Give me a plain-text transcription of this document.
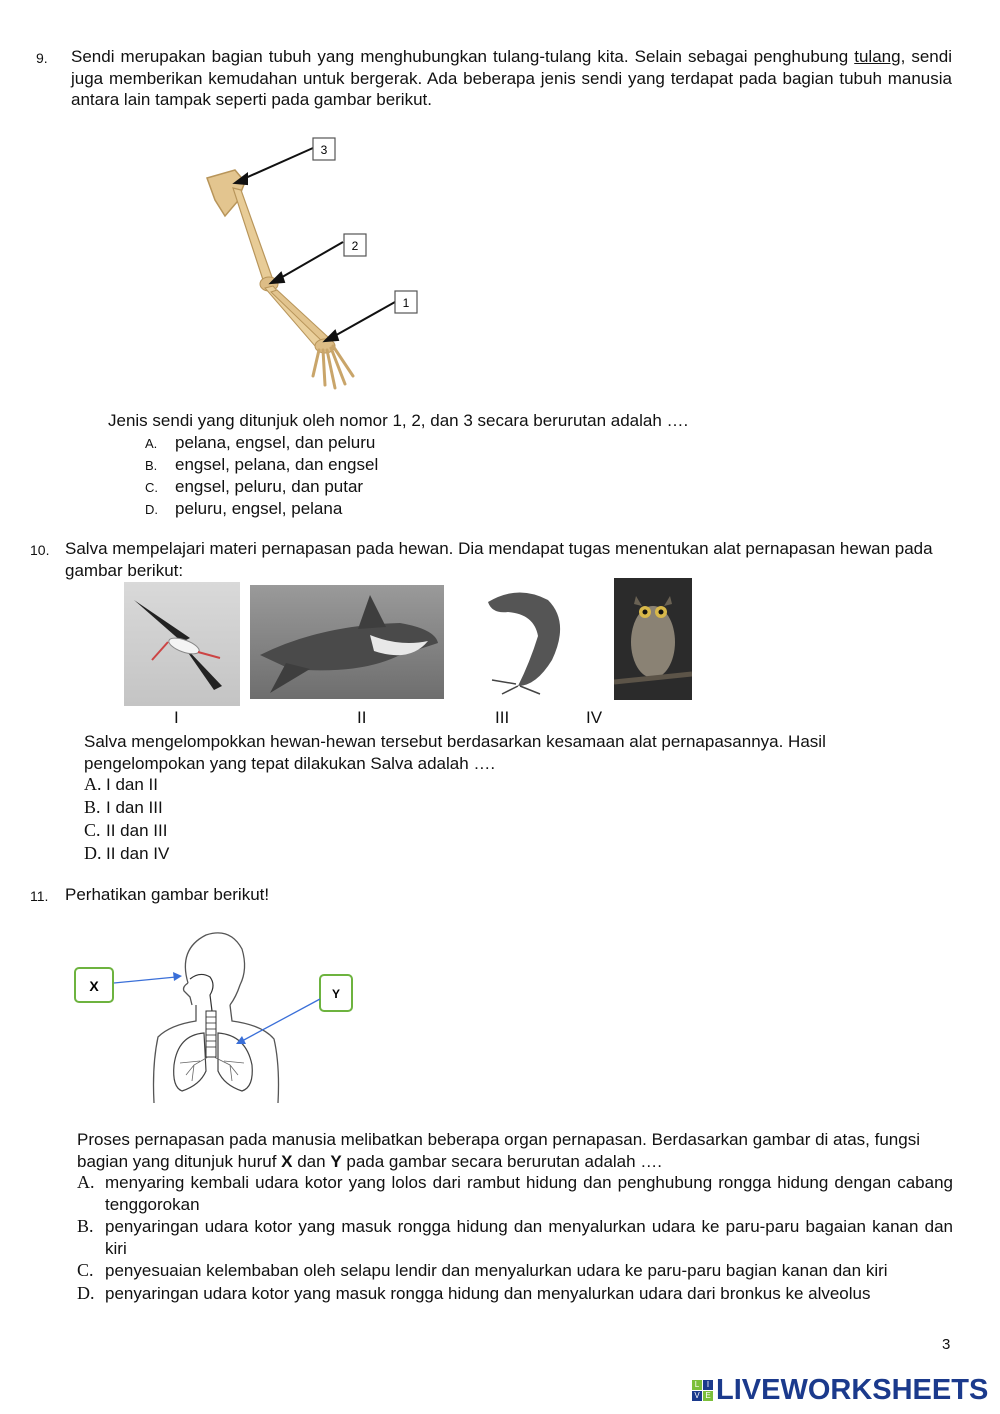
9. Sendi merupakan bagian tubuh yang menghubungkan tulang-tulang kita. Selain sebagai penghubung tulang, sendi juga memberikan kemudahan untuk bergerak. Ada beberapa jenis sendi yang terdapat pada bagian tubuh manusia antara lain tampak seperti pada gambar berikut.
3
2
1
Jenis sendi yang ditunjuk oleh nomor 1, 2, dan 3 secara berurutan adalah ….
A. pelana, engsel, dan peluru
B. engsel, pelana, dan engsel
C. engsel, peluru, dan putar
D. peluru, engsel, pelana
10. Salva mempelajari materi pernapasan pada hewan. Dia mendapat tugas menentukan alat pernapasan hewan pada gambar berikut:
I	II	III	IV
Salva mengelompokkan hewan-hewan tersebut berdasarkan kesamaan alat pernapasannya. Hasil pengelompokan yang tepat dilakukan Salva adalah ….
A. I dan II
B. I dan III
C. II dan III
D. II dan IV
11. Perhatikan gambar berikut!
X	Y
Proses pernapasan pada manusia melibatkan beberapa organ pernapasan. Berdasarkan gambar di atas, fungsi bagian yang ditunjuk huruf X dan Y pada gambar secara berurutan adalah ….
A. menyaring kembali udara kotor yang lolos dari rambut hidung dan penghubung rongga hidung dengan cabang tenggorokan
B. penyaringan udara kotor yang masuk rongga hidung dan menyalurkan udara ke paru-paru bagaian kanan dan kiri
C. penyesuaian kelembaban oleh selapu lendir dan menyalurkan udara ke paru-paru bagian kanan dan kiri
D. penyaringan udara kotor yang masuk rongga hidung dan menyalurkan udara dari bronkus ke alveolus
3
L I
V E LIVEWORKSHEETS
